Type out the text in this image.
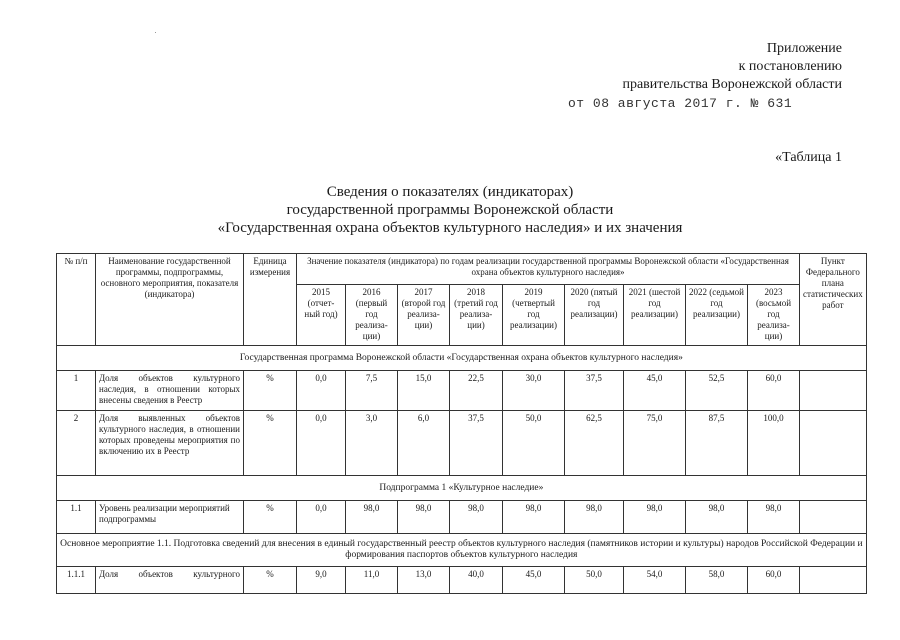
Приложение
к постановлению
правительства Воронежской области
от 08 августа 2017 г. № 631
«Таблица 1
Сведения о показателях (индикаторах)
государственной программы Воронежской области
«Государственная охрана объектов культурного наследия» и их значения
№ п/п	Наименование государственной программы, подпрограммы, основного мероприятия, показателя (индикатора)	Единица измерения	Значение показателя (индикатора) по годам реализации государственной программы Воронежской области «Государственная охрана объектов культурного наследия»									Пункт Федерального плана статистических работ
			2015 (отчет-ный год)	2016 (первый год реализа-ции)	2017 (второй год реализа-ции)	2018 (третий год реализа-ции)	2019 (четвертый год реализации)	2020 (пятый год реализации)	2021 (шестой год реализации)	2022 (седьмой год реализации)	2023 (восьмой год реализа-ции)	
Государственная программа Воронежской области «Государственная охрана объектов культурного наследия»												
1	Доля объектов культурного наследия, в отношении которых внесены сведения в Реестр	%	0,0	7,5	15,0	22,5	30,0	37,5	45,0	52,5	60,0	
2	Доля выявленных объектов культурного наследия, в отношении которых проведены мероприятия по включению их в Реестр	%	0,0	3,0	6,0	37,5	50,0	62,5	75,0	87,5	100,0	
Подпрограмма 1 «Культурное наследие»												
1.1	Уровень реализации мероприятий подпрограммы	%	0,0	98,0	98,0	98,0	98,0	98,0	98,0	98,0	98,0	
Основное мероприятие 1.1. Подготовка сведений для внесения в единый государственный реестр объектов культурного наследия (памятников истории и культуры) народов Российской Федерации и формирования паспортов объектов культурного наследия												
1.1.1	Доля объектов культурного	%	9,0	11,0	13,0	40,0	45,0	50,0	54,0	58,0	60,0	
